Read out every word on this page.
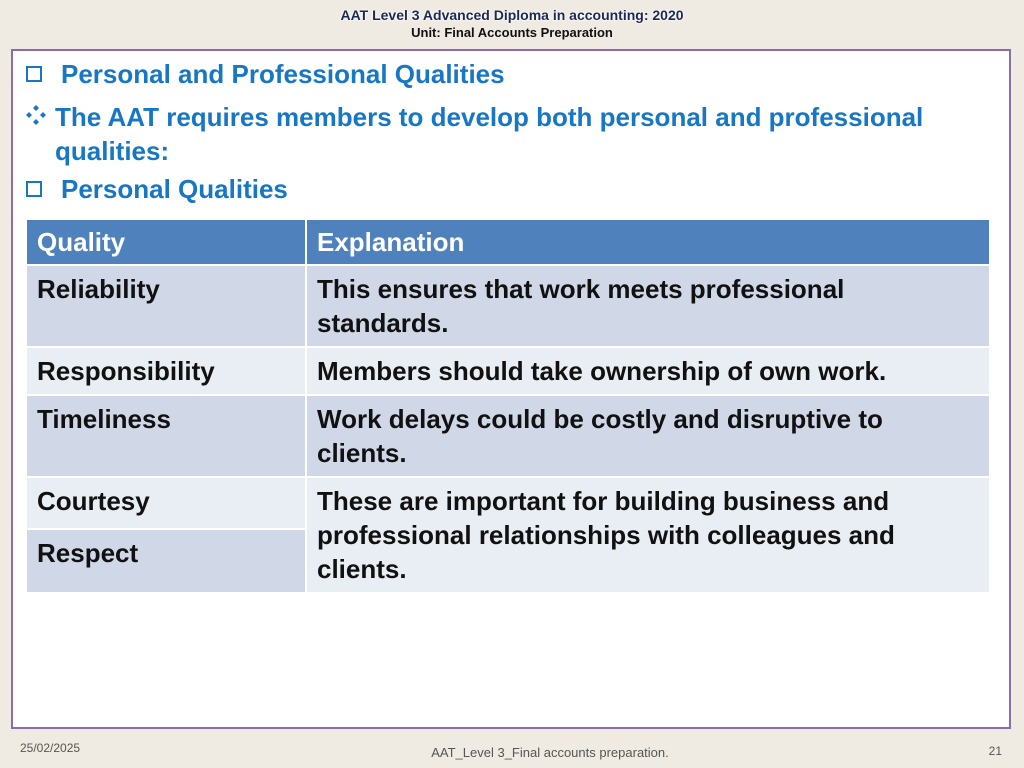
AAT Level 3 Advanced Diploma in accounting: 2020
Unit: Final Accounts Preparation
Personal and Professional Qualities
The AAT requires members to develop both personal and professional qualities:
Personal Qualities
Quality	Explanation
Reliability	This ensures that work meets professional standards.
Responsibility	Members should take ownership of own work.
Timeliness	Work delays could be costly and disruptive to clients.
Courtesy	These are important for building business and professional relationships with colleagues and clients.
Respect	
25/02/2025	AAT_Level 3_Final accounts preparation.	21
